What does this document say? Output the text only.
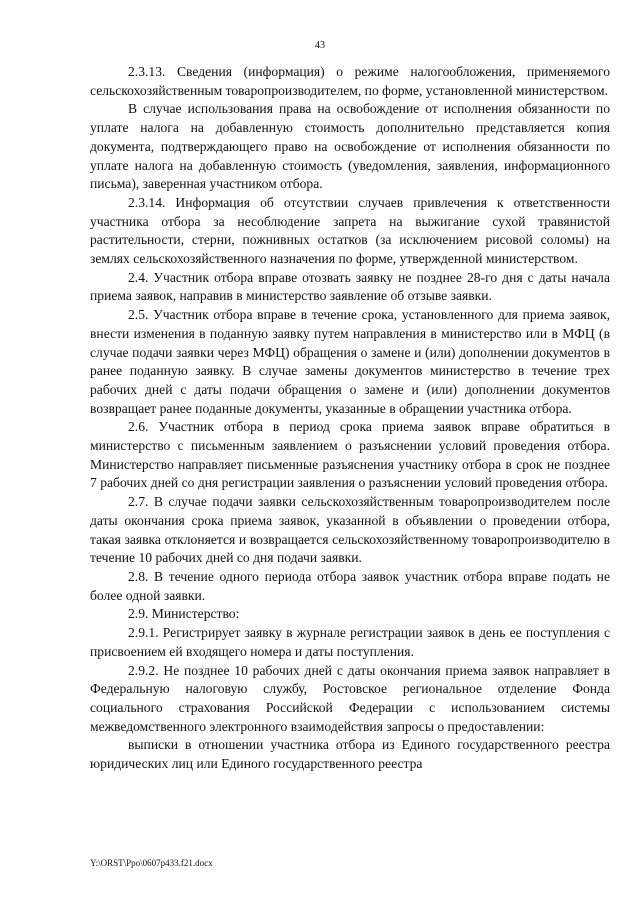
43

2.3.13. Сведения (информация) о режиме налогообложения, применяемого сельскохозяйственным товаропроизводителем, по форме, установленной министерством.

В случае использования права на освобождение от исполнения обязанности по уплате налога на добавленную стоимость дополнительно представляется копия документа, подтверждающего право на освобождение от исполнения обязанности по уплате налога на добавленную стоимость (уведомления, заявления, информационного письма), заверенная участником отбора.

2.3.14. Информация об отсутствии случаев привлечения к ответственности участника отбора за несоблюдение запрета на выжигание сухой травянистой растительности, стерни, пожнивных остатков (за исключением рисовой соломы) на землях сельскохозяйственного назначения по форме, утвержденной министерством.

2.4. Участник отбора вправе отозвать заявку не позднее 28-го дня с даты начала приема заявок, направив в министерство заявление об отзыве заявки.

2.5. Участник отбора вправе в течение срока, установленного для приема заявок, внести изменения в поданную заявку путем направления в министерство или в МФЦ (в случае подачи заявки через МФЦ) обращения о замене и (или) дополнении документов в ранее поданную заявку. В случае замены документов министерство в течение трех рабочих дней с даты подачи обращения о замене и (или) дополнении документов возвращает ранее поданные документы, указанные в обращении участника отбора.

2.6. Участник отбора в период срока приема заявок вправе обратиться в министерство с письменным заявлением о разъяснении условий проведения отбора. Министерство направляет письменные разъяснения участнику отбора в срок не позднее 7 рабочих дней со дня регистрации заявления о разъяснении условий проведения отбора.

2.7. В случае подачи заявки сельскохозяйственным товаропроизводителем после даты окончания срока приема заявок, указанной в объявлении о проведении отбора, такая заявка отклоняется и возвращается сельскохозяйственному товаропроизводителю в течение 10 рабочих дней со дня подачи заявки.

2.8. В течение одного периода отбора заявок участник отбора вправе подать не более одной заявки.

2.9. Министерство:

2.9.1. Регистрирует заявку в журнале регистрации заявок в день ее поступления с присвоением ей входящего номера и даты поступления.

2.9.2. Не позднее 10 рабочих дней с даты окончания приема заявок направляет в Федеральную налоговую службу, Ростовское региональное отделение Фонда социального страхования Российской Федерации с использованием системы межведомственного электронного взаимодействия запросы о предоставлении:

выписки в отношении участника отбора из Единого государственного реестра юридических лиц или Единого государственного реестра

Y:\ORST\Ppo\0607p433.f21.docx
